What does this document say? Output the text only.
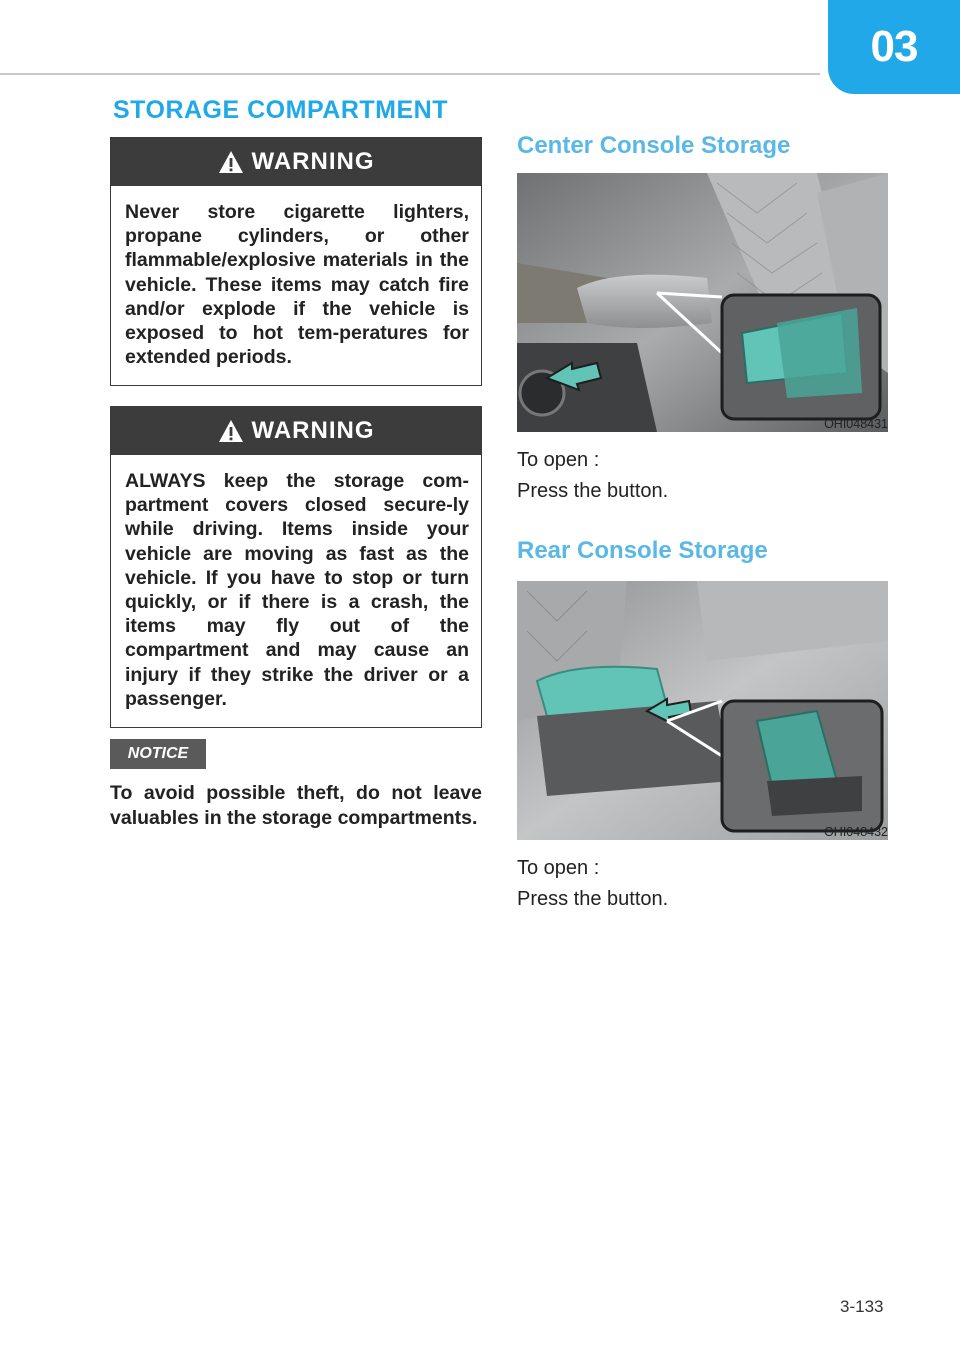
03
STORAGE COMPARTMENT
WARNING
Never store cigarette lighters, propane cylinders, or other flammable/explosive materials in the vehicle. These items may catch fire and/or explode if the vehicle is exposed to hot tem-peratures for extended periods.
WARNING
ALWAYS keep the storage com-partment covers closed secure-ly while driving. Items inside your vehicle are moving as fast as the vehicle. If you have to stop or turn quickly, or if there is a crash, the items may fly out of the compartment and may cause an injury if they strike the driver or a passenger.
NOTICE
To avoid possible theft, do not leave valuables in the storage compartments.
Center Console Storage
OHI048431
To open :
Press the button.
Rear Console Storage
OHI048432
To open :
Press the button.
3-133
